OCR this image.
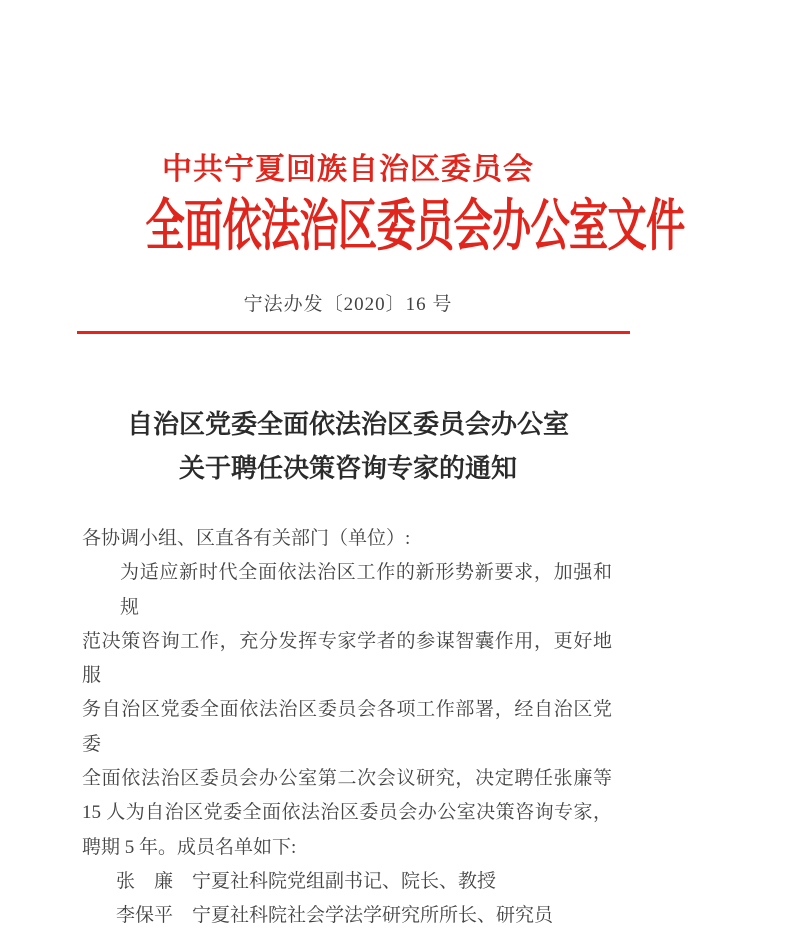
中共宁夏回族自治区委员会
全面依法治区委员会办公室文件
宁法办发〔2020〕16 号
自治区党委全面依法治区委员会办公室
关于聘任决策咨询专家的通知
各协调小组、区直各有关部门（单位）:
为适应新时代全面依法治区工作的新形势新要求，加强和规
范决策咨询工作，充分发挥专家学者的参谋智囊作用，更好地服
务自治区党委全面依法治区委员会各项工作部署，经自治区党委
全面依法治区委员会办公室第二次会议研究，决定聘任张廉等
15 人为自治区党委全面依法治区委员会办公室决策咨询专家，
聘期 5 年。成员名单如下:
张　廉 宁夏社科院党组副书记、院长、教授
李保平 宁夏社科院社会学法学研究所所长、研究员
